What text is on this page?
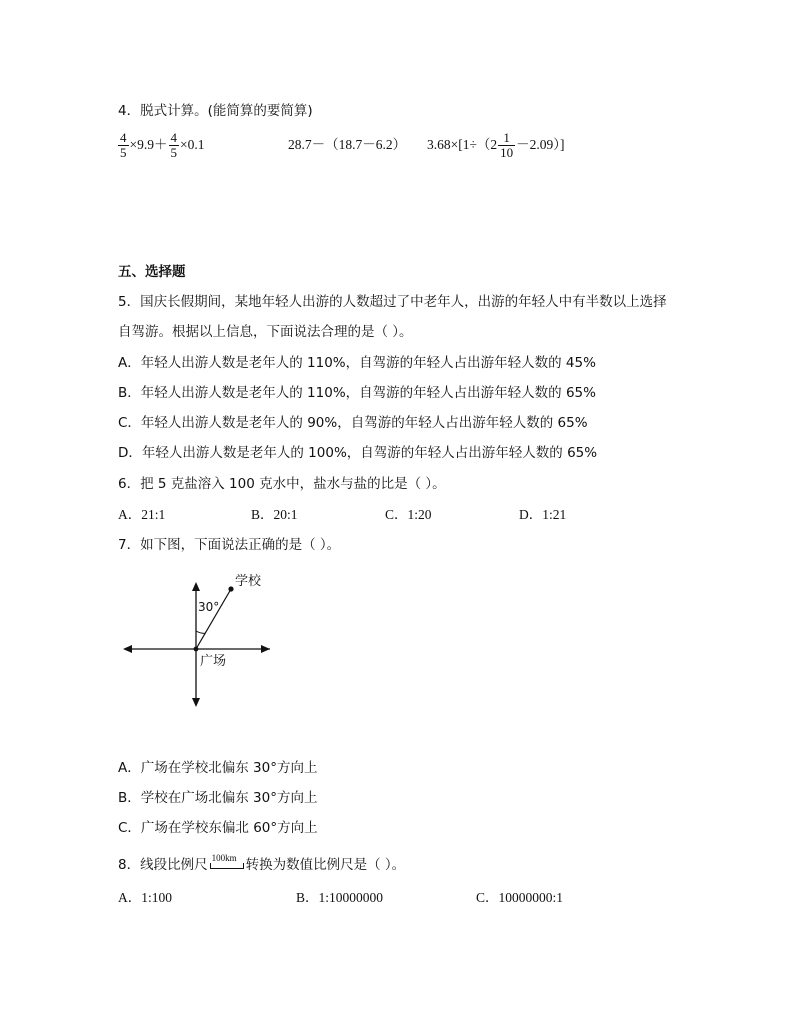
4．脱式计算。(能简算的要简算)
$\frac{4}{5} \times 9.9+ \frac{4}{5} \times 0.1$	28.7－（18.7－6.2） $3.68\times[1\div(2 \frac{1}{10} -2.09)]$
五、选择题
5．国庆长假期间，某地年轻人出游的人数超过了中老年人，出游的年轻人中有半数以上选择
自驾游。根据以上信息，下面说法合理的是（ ）。
A．年轻人出游人数是老年人的 110%，自驾游的年轻人占出游年轻人数的 45%
B．年轻人出游人数是老年人的 110%，自驾游的年轻人占出游年轻人数的 65%
C．年轻人出游人数是老年人的 90%，自驾游的年轻人占出游年轻人数的 65%
D．年轻人出游人数是老年人的 100%，自驾游的年轻人占出游年轻人数的 65%
6．把 5 克盐溶入 100 克水中，盐水与盐的比是（ ）。
A．21:1	B．20:1	C．1:20	D．1:21
7．如下图，下面说法正确的是（ ）。
学校
30°
广场
A．广场在学校北偏东 30°方向上
B．学校在广场北偏东 30°方向上
C．广场在学校东偏北 60°方向上
8．线段比例尺 100km 转换为数值比例尺是（ ）。
A．1:100	B．1:10000000	C．10000000:1
